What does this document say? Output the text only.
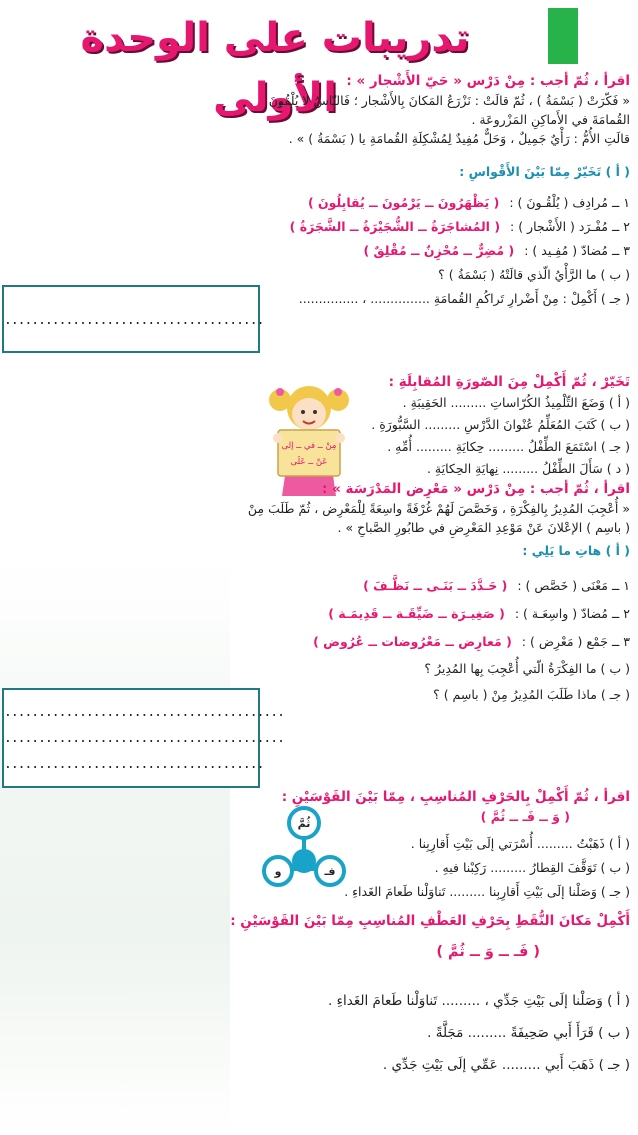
تدريبات على الوحدة الأولى
......................................
.........................................
.........................................
......................................
اقرأ ، ثُمّ أجب : مِنْ دَرْس « حَيّ الأَشْجار » :
« فَكّرَتْ ( بَسْمَةُ ) ، ثُمّ قالَتْ : نَزْرَعُ المَكانَ بِالأَشْجار ؛ فَالنّاسُ لا يُلْقُونَ
القُمامَةَ في الأَماكِنِ المَزْروعَة .
قالَتِ الأُمُّ : رَأْيٌ جَمِيلٌ ، وَحَلٌّ مُفِيدٌ لِمُشْكِلَةِ القُمامَةِ يا ( بَسْمَةُ ) » .
( أ ) تَخَيّرْ مِمّا بَيْنَ الأَقْواسِ :
١ ــ مُرادِف ( يُلْقُـونَ ) : ( يَظْهَرُونَ ــ يَرْمُونَ ــ يُقابِلُونَ )
٢ ــ مُفْـرَد ( الأَشْجار ) : ( المُشاجَرَةُ ــ الشُّجَيْرَةُ ــ الشَّجَرَةُ )
٣ ــ مُضادّ ( مُفِـيد ) : ( مُضِرٌّ ــ مُحْزِنٌ ــ مُقْلِقٌ )
( ب ) ما الرَّأْيُ الّذي قالَتْهُ ( بَسْمَةُ ) ؟
( جـ ) أَكْمِلْ : مِنْ أَضْرارِ تَراكُمِ القُمامَةِ ............... ، ...............
تَخَيّرْ ، ثُمّ أَكْمِلْ مِنَ الصّورَةِ المُقابِلَةِ :
( أ ) وَضَعَ التِّلْمِيذُ الكُرّاساتِ ......... الحَقِيبَةِ .
( ب ) كَتَبَ المُعَلِّمُ عُنْوانَ الدَّرْسِ ......... السَّبُّورَةِ .
( جـ ) اسْتَمَعَ الطِّفْلُ ......... حِكايَةِ ......... أُمِّهِ .
( د ) سَأَلَ الطِّفْلُ ......... نِهايَةِ الحِكايَةِ .
مِنْ ــ في ــ إلى
عَنْ ــ عَلَى
اقرأ ، ثُمّ أجب : مِنْ دَرْس « مَعْرِض المَدْرَسَة » :
« أُعْجِبَ المُدِيرُ بِالفِكْرَةِ ، وَخَصَّصَ لَهُمْ غُرْفَةً واسِعَةً لِلْمَعْرِض ، ثُمّ طَلَبَ مِنْ
( باسِم ) الإعْلانَ عَنْ مَوْعِدِ المَعْرِضِ في طابُورِ الصَّباحِ » .
( أ ) هاتِ ما يَلِي :
١ ــ مَعْنَى ( خَصَّص ) : ( حَـدَّدَ ــ بَنَـى ــ نَظَّـفَ )
٢ ــ مُضادّ ( واسِعَـة ) : ( صَغِيـرَة ــ ضَيِّقَـة ــ قَدِيمَـة )
٣ ــ جَمْع ( مَعْرِض ) : ( مَعارِض ــ مَعْرُوضات ــ عُرُوض )
( ب ) ما الفِكْرَةُ الّتي أُعْجِبَ بِها المُدِيرُ ؟
( جـ ) ماذا طَلَبَ المُدِيرُ مِنْ ( باسِم ) ؟
اقرأ ، ثُمّ أَكْمِلْ بِالحَرْفِ المُناسِبِ ، مِمّا بَيْنَ القَوْسَيْنِ :
( وَ ــ فَـ ــ ثُمَّ )
( أ ) ذَهَبْتُ ......... أُسْرَتي إلَى بَيْتِ أَقارِبِنا .
( ب ) تَوَقَّفَ القِطارُ ......... رَكِبْنا فيهِ .
( جـ ) وَصَلْنا إلَى بَيْتِ أَقارِبِنا ......... تَناوَلْنا طَعامَ الغَداءِ .
ثُمَّ
و	فـ
أَكْمِلْ مَكانَ النُّقَطِ بِحَرْفِ العَطْفِ المُناسِبِ مِمّا بَيْنَ القَوْسَيْنِ :
( فَـ ــ وَ ــ ثُمَّ )
( أ ) وَصَلْنا إلَى بَيْتِ جَدِّي ، ......... تَناوَلْنا طَعامَ الغَداءِ .
( ب ) قَرَأَ أَبي صَحِيفَةً ......... مَجَلَّةً .
( جـ ) ذَهَبَ أَبي ......... عَمِّي إلَى بَيْتِ جَدِّي .
